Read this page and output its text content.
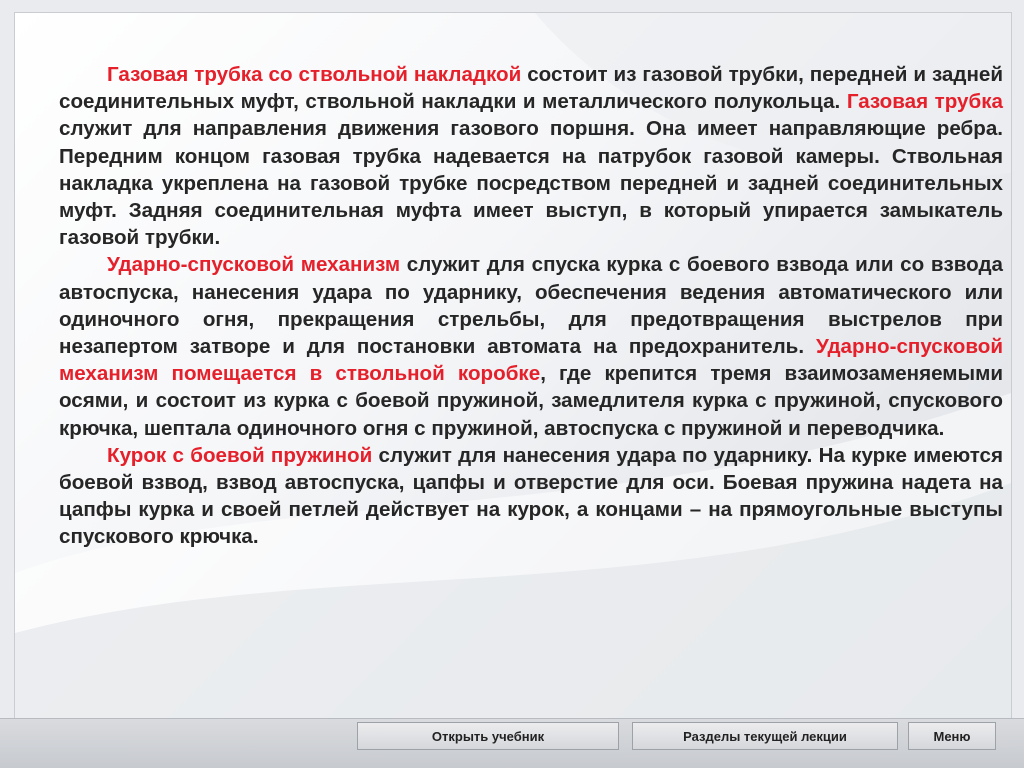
Газовая трубка со ствольной накладкой состоит из газовой трубки, передней и задней соединительных муфт, ствольной накладки и металлического полукольца. Газовая трубка служит для направления движения газового поршня. Она имеет направляющие ребра. Передним концом газовая трубка надевается на патрубок газовой камеры. Ствольная накладка укреплена на газовой трубке посредством передней и задней соединительных муфт. Задняя соединительная муфта имеет выступ, в который упирается замыкатель газовой трубки.

Ударно-спусковой механизм служит для спуска курка с боевого взвода или со взвода автоспуска, нанесения удара по ударнику, обеспечения ведения автоматического или одиночного огня, прекращения стрельбы, для предотвращения выстрелов при незапертом затворе и для постановки автомата на предохранитель. Ударно-спусковой механизм помещается в ствольной коробке, где крепится тремя взаимозаменяемыми осями, и состоит из курка с боевой пружиной, замедлителя курка с пружиной, спускового крючка, шептала одиночного огня с пружиной, автоспуска с пружиной и переводчика.

Курок с боевой пружиной служит для нанесения удара по ударнику. На курке имеются боевой взвод, взвод автоспуска, цапфы и отверстие для оси. Боевая пружина надета на цапфы курка и своей петлей действует на курок, а концами – на прямоугольные выступы спускового крючка.

Открыть учебник	Разделы текущей лекции	Меню
